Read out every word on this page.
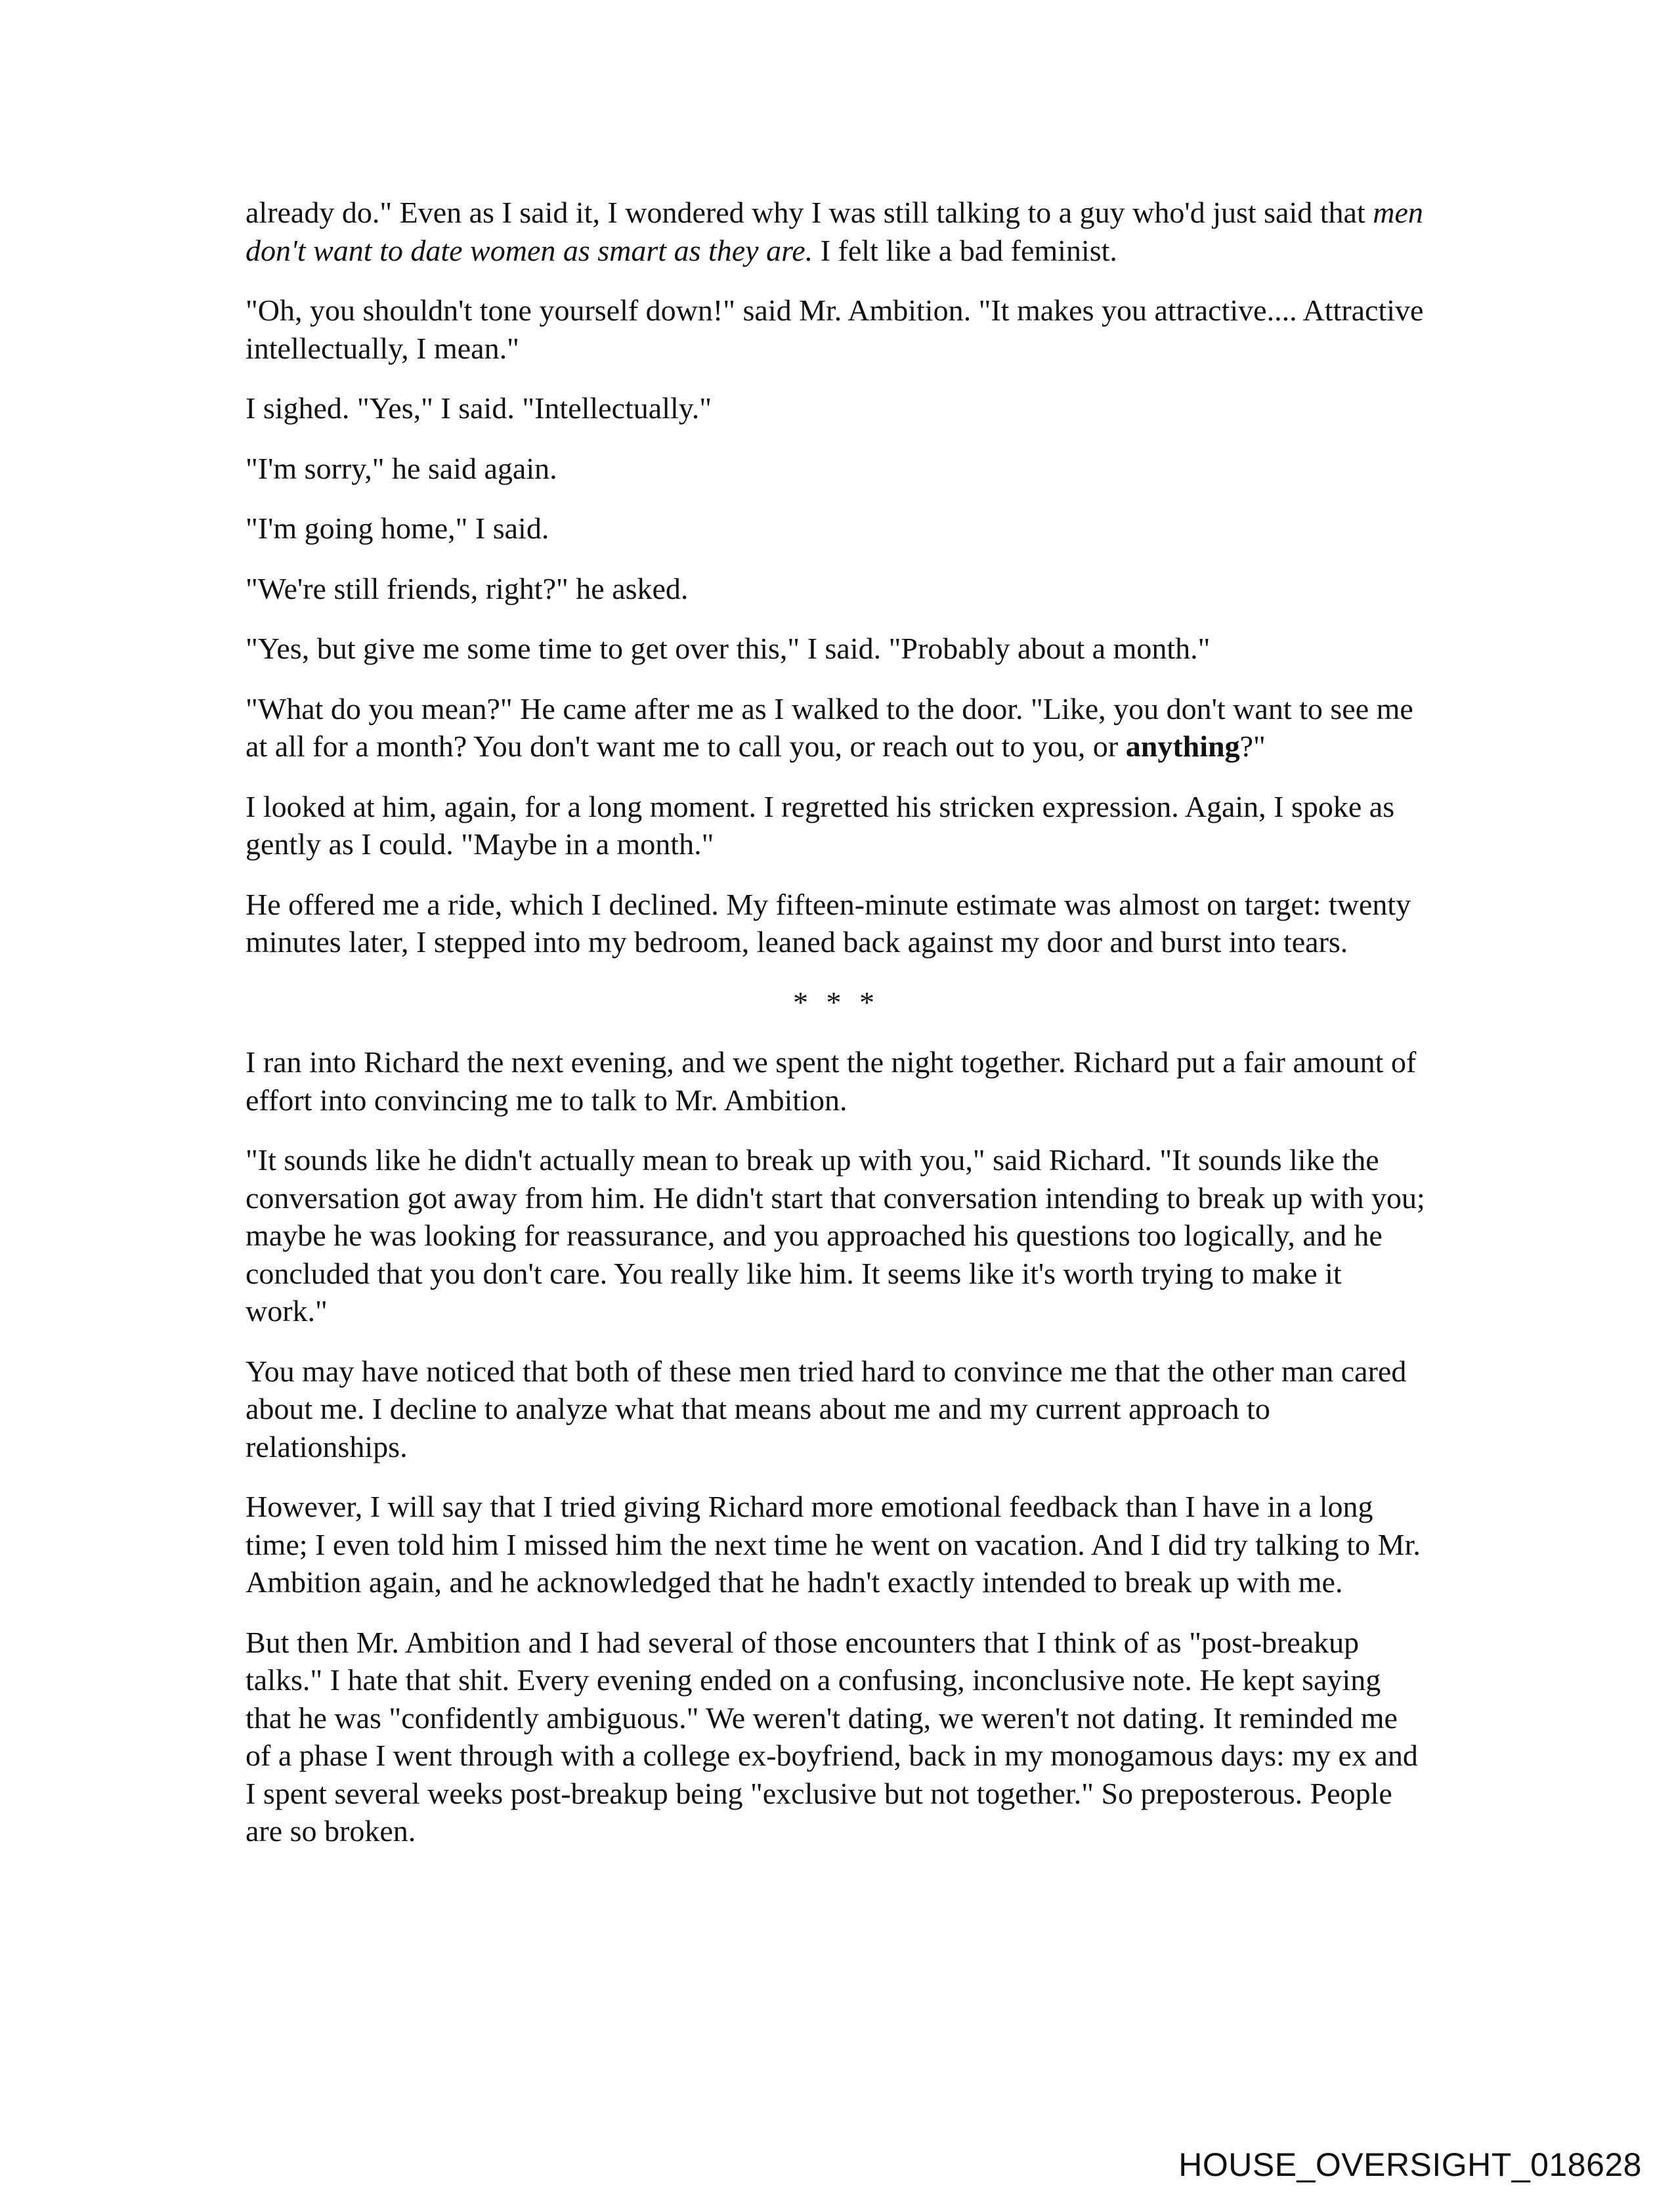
already do." Even as I said it, I wondered why I was still talking to a guy who'd just said that men don't want to date women as smart as they are. I felt like a bad feminist.

"Oh, you shouldn't tone yourself down!" said Mr. Ambition. "It makes you attractive.... Attractive intellectually, I mean."

I sighed. "Yes," I said. "Intellectually."

"I'm sorry," he said again.

"I'm going home," I said.

"We're still friends, right?" he asked.

"Yes, but give me some time to get over this," I said. "Probably about a month."

"What do you mean?" He came after me as I walked to the door. "Like, you don't want to see me at all for a month? You don't want me to call you, or reach out to you, or anything?"

I looked at him, again, for a long moment. I regretted his stricken expression. Again, I spoke as gently as I could. "Maybe in a month."

He offered me a ride, which I declined. My fifteen-minute estimate was almost on target: twenty minutes later, I stepped into my bedroom, leaned back against my door and burst into tears.

* * *

I ran into Richard the next evening, and we spent the night together. Richard put a fair amount of effort into convincing me to talk to Mr. Ambition.

"It sounds like he didn't actually mean to break up with you," said Richard. "It sounds like the conversation got away from him. He didn't start that conversation intending to break up with you; maybe he was looking for reassurance, and you approached his questions too logically, and he concluded that you don't care. You really like him. It seems like it's worth trying to make it work."

You may have noticed that both of these men tried hard to convince me that the other man cared about me. I decline to analyze what that means about me and my current approach to relationships.

However, I will say that I tried giving Richard more emotional feedback than I have in a long time; I even told him I missed him the next time he went on vacation. And I did try talking to Mr. Ambition again, and he acknowledged that he hadn't exactly intended to break up with me.

But then Mr. Ambition and I had several of those encounters that I think of as "post-breakup talks." I hate that shit. Every evening ended on a confusing, inconclusive note. He kept saying that he was "confidently ambiguous." We weren't dating, we weren't not dating. It reminded me of a phase I went through with a college ex-boyfriend, back in my monogamous days: my ex and I spent several weeks post-breakup being "exclusive but not together." So preposterous. People are so broken.

HOUSE_OVERSIGHT_018628
